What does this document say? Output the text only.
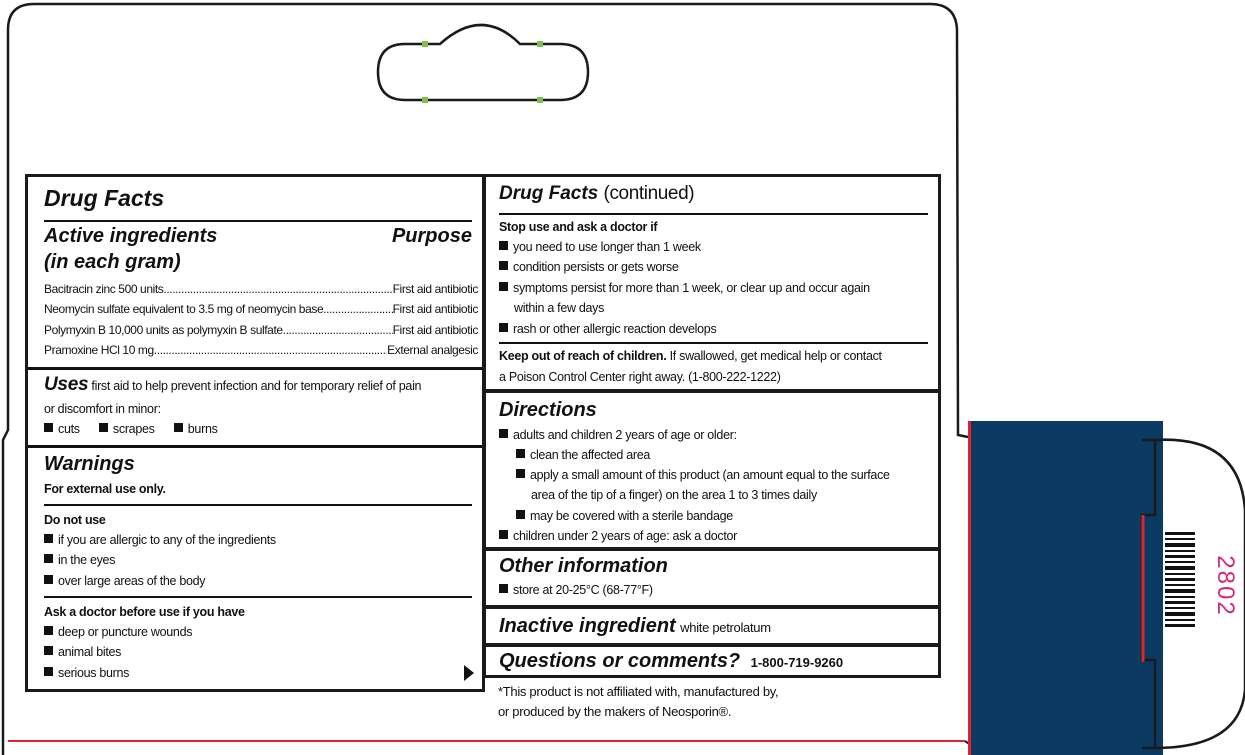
Drug Facts
Active ingredients
(in each gram)
Purpose
Bacitracin zinc 500 units .....	First aid antibiotic
Neomycin sulfate equivalent to 3.5 mg of neomycin base .....	First aid antibiotic
Polymyxin B 10,000 units as polymyxin B sulfate .....	First aid antibiotic
Pramoxine HCl 10 mg .....	External analgesic
Uses first aid to help prevent infection and for temporary relief of pain
or discomfort in minor:
cuts	scrapes	burns
Warnings
For external use only.
Do not use
if you are allergic to any of the ingredients
in the eyes
over large areas of the body
Ask a doctor before use if you have
deep or puncture wounds
animal bites
serious burns
Drug Facts (continued)
Stop use and ask a doctor if
you need to use longer than 1 week
condition persists or gets worse
symptoms persist for more than 1 week, or clear up and occur again
within a few days
rash or other allergic reaction develops
Keep out of reach of children. If swallowed, get medical help or contact
a Poison Control Center right away. (1-800-222-1222)
Directions
adults and children 2 years of age or older:
clean the affected area
apply a small amount of this product (an amount equal to the surface
area of the tip of a finger) on the area 1 to 3 times daily
may be covered with a sterile bandage
children under 2 years of age: ask a doctor
Other information
store at 20-25°C (68-77°F)
Inactive ingredient white petrolatum
Questions or comments? 1-800-719-9260
*This product is not affiliated with, manufactured by,
or produced by the makers of Neosporin®.
2802
